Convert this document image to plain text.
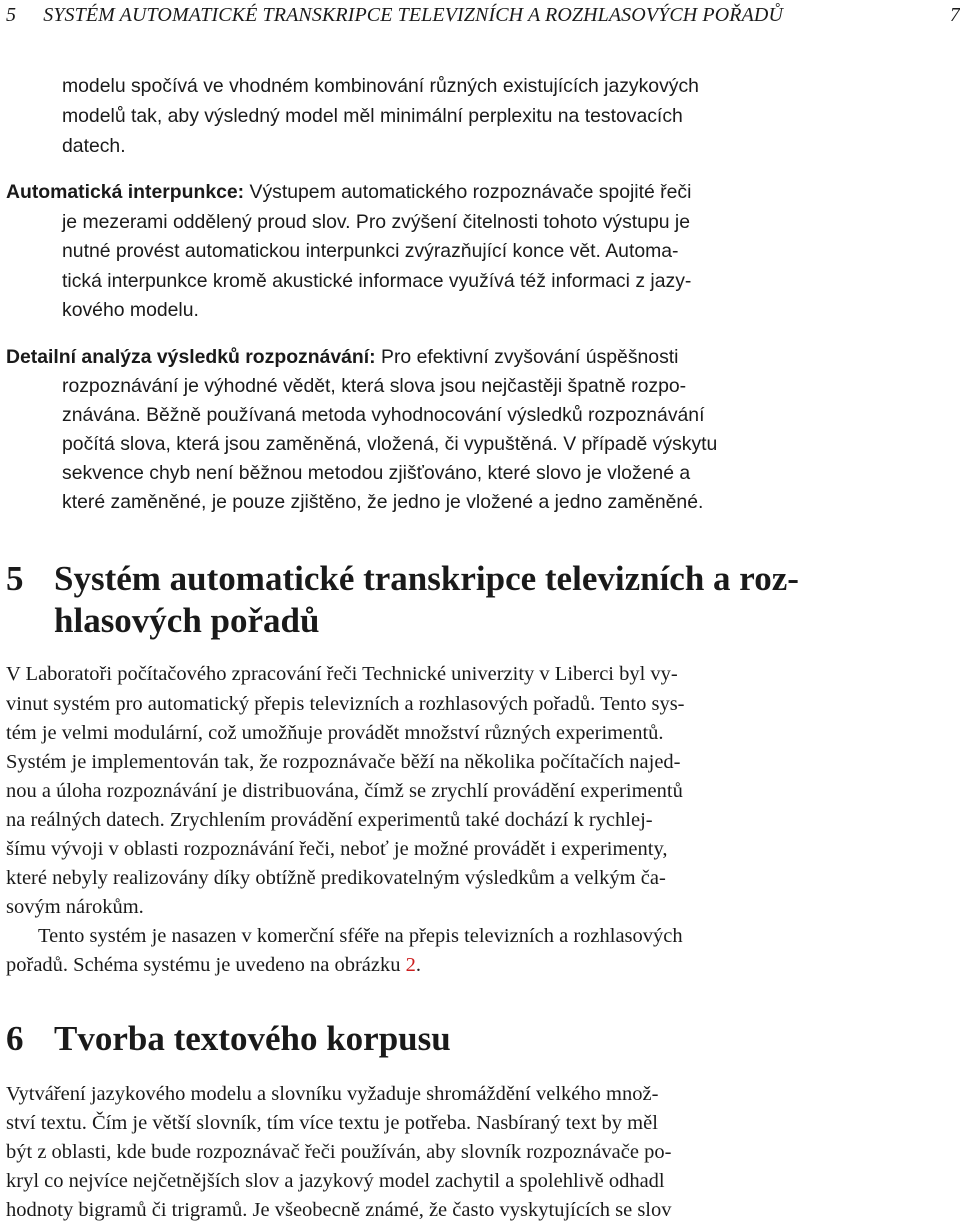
5 SYSTÉM AUTOMATICKÉ TRANSKRIPCE TELEVIZNÍCH A ROZHLASOVÝCH POŘADŮ	7
modelu spočívá ve vhodném kombinování různých existujících jazykových
modelů tak, aby výsledný model měl minimální perplexitu na testovacích
datech.
Automatická interpunkce: Výstupem automatického rozpoznávače spojité řeči
je mezerami oddělený proud slov. Pro zvýšení čitelnosti tohoto výstupu je
nutné provést automatickou interpunkci zvýrazňující konce vět. Automa-
tická interpunkce kromě akustické informace využívá též informaci z jazy-
kového modelu.
Detailní analýza výsledků rozpoznávání: Pro efektivní zvyšování úspěšnosti
rozpoznávání je výhodné vědět, která slova jsou nejčastěji špatně rozpo-
znávána. Běžně používaná metoda vyhodnocování výsledků rozpoznávání
počítá slova, která jsou zaměněná, vložená, či vypuštěná. V případě výskytu
sekvence chyb není běžnou metodou zjišťováno, které slovo je vložené a
které zaměněné, je pouze zjištěno, že jedno je vložené a jedno zaměněné.
5 Systém automatické transkripce televizních a roz-
hlasových pořadů
V Laboratoři počítačového zpracování řeči Technické univerzity v Liberci byl vy-
vinut systém pro automatický přepis televizních a rozhlasových pořadů. Tento sys-
tém je velmi modulární, což umožňuje provádět množství různých experimentů.
Systém je implementován tak, že rozpoznávače běží na několika počítačích najed-
nou a úloha rozpoznávání je distribuována, čímž se zrychlí provádění experimentů
na reálných datech. Zrychlením provádění experimentů také dochází k rychlej-
šímu vývoji v oblasti rozpoznávání řeči, neboť je možné provádět i experimenty,
které nebyly realizovány díky obtížně predikovatelným výsledkům a velkým ča-
sovým nárokům.
Tento systém je nasazen v komerční sféře na přepis televizních a rozhlasových
pořadů. Schéma systému je uvedeno na obrázku 2.
6 Tvorba textového korpusu
Vytváření jazykového modelu a slovníku vyžaduje shromáždění velkého množ-
ství textu. Čím je větší slovník, tím více textu je potřeba. Nasbíraný text by měl
být z oblasti, kde bude rozpoznávač řeči používán, aby slovník rozpoznávače po-
kryl co nejvíce nejčetnějších slov a jazykový model zachytil a spolehlivě odhadl
hodnoty bigramů či trigramů. Je všeobecně známé, že často vyskytujících se slov
